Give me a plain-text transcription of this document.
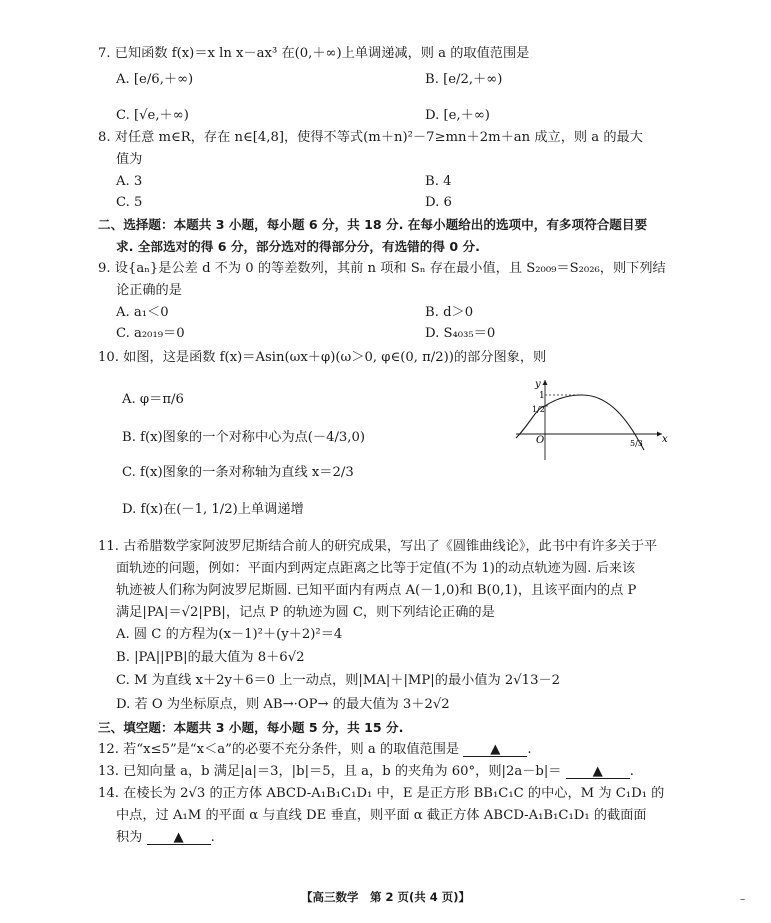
7. 已知函数 f(x)＝x ln x－ax³ 在(0,＋∞)上单调递减，则 a 的取值范围是
A. [e/6,＋∞)	B. [e/2,＋∞)
C. [√e,＋∞)	D. [e,＋∞)
8. 对任意 m∈R，存在 n∈[4,8]，使得不等式(m＋n)²－7≥mn＋2m＋an 成立，则 a 的最大
值为
A. 3	B. 4
C. 5	D. 6
二、选择题：本题共 3 小题，每小题 6 分，共 18 分. 在每小题给出的选项中，有多项符合题目要
求. 全部选对的得 6 分，部分选对的得部分分，有选错的得 0 分.
9. 设{aₙ}是公差 d 不为 0 的等差数列，其前 n 项和 Sₙ 存在最小值，且 S₂₀₀₉＝S₂₀₂₆，则下列结
论正确的是
A. a₁＜0	B. d＞0
C. a₂₀₁₉＝0	D. S₄₀₃₅＝0
10. 如图，这是函数 f(x)＝Asin(ωx＋φ)(ω＞0, φ∈(0, π/2))的部分图象，则
A. φ＝π/6
B. f(x)图象的一个对称中心为点(－4/3,0)
C. f(x)图象的一条对称轴为直线 x＝2/3
D. f(x)在(－1, 1/2)上单调递增
y
x
O
1
1/2
5/3
11. 古希腊数学家阿波罗尼斯结合前人的研究成果，写出了《圆锥曲线论》，此书中有许多关于平
面轨迹的问题，例如：平面内到两定点距离之比等于定值(不为 1)的动点轨迹为圆. 后来该
轨迹被人们称为阿波罗尼斯圆. 已知平面内有两点 A(－1,0)和 B(0,1)，且该平面内的点 P
满足|PA|＝√2|PB|，记点 P 的轨迹为圆 C，则下列结论正确的是
A. 圆 C 的方程为(x－1)²＋(y＋2)²＝4
B. |PA||PB|的最大值为 8＋6√2
C. M 为直线 x＋2y＋6＝0 上一动点，则|MA|＋|MP|的最小值为 2√13－2
D. 若 O 为坐标原点，则 AB→·OP→ 的最大值为 3＋2√2
三、填空题：本题共 3 小题，每小题 5 分，共 15 分.
12. 若“x≤5”是“x＜a”的必要不充分条件，则 a 的取值范围是 ▲ .
13. 已知向量 a，b 满足|a|＝3，|b|＝5，且 a，b 的夹角为 60°，则|2a－b|＝ ▲ .
14. 在棱长为 2√3 的正方体 ABCD-A₁B₁C₁D₁ 中，E 是正方形 BB₁C₁C 的中心，M 为 C₁D₁ 的
中点，过 A₁M 的平面 α 与直线 DE 垂直，则平面 α 截正方体 ABCD-A₁B₁C₁D₁ 的截面面
积为 ▲ .
【高三数学　第 2 页(共 4 页)】	–
